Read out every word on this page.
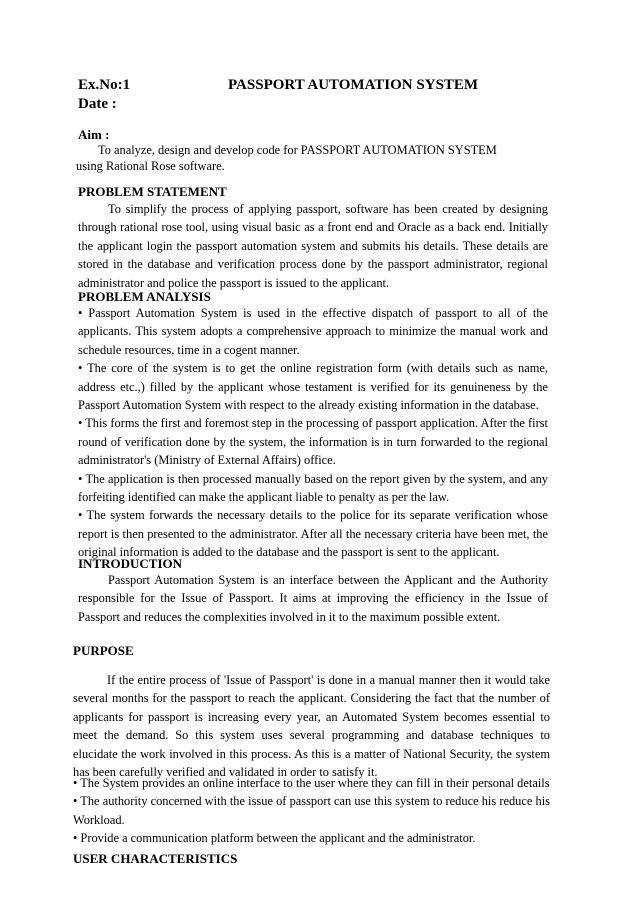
Ex.No:1	PASSPORT AUTOMATION SYSTEM
Date :
Aim :
To analyze, design and develop code for PASSPORT AUTOMATION SYSTEM
using Rational Rose software.
PROBLEM STATEMENT
To simplify the process of applying passport, software has been created by designing through rational rose tool, using visual basic as a front end and Oracle as a back end. Initially the applicant login the passport automation system and submits his details. These details are stored in the database and verification process done by the passport administrator, regional administrator and police the passport is issued to the applicant.
PROBLEM ANALYSIS

• Passport Automation System is used in the effective dispatch of passport to all of the applicants. This system adopts a comprehensive approach to minimize the manual work and schedule resources, time in a cogent manner.

• The core of the system is to get the online registration form (with details such as name, address etc.,) filled by the applicant whose testament is verified for its genuineness by the Passport Automation System with respect to the already existing information in the database.

• This forms the first and foremost step in the processing of passport application. After the first round of verification done by the system, the information is in turn forwarded to the regional administrator's (Ministry of External Affairs) office.

• The application is then processed manually based on the report given by the system, and any forfeiting identified can make the applicant liable to penalty as per the law.

• The system forwards the necessary details to the police for its separate verification whose report is then presented to the administrator. After all the necessary criteria have been met, the original information is added to the database and the passport is sent to the applicant.

INTRODUCTION
Passport Automation System is an interface between the Applicant and the Authority responsible for the Issue of Passport. It aims at improving the efficiency in the Issue of Passport and reduces the complexities involved in it to the maximum possible extent.
PURPOSE
If the entire process of 'Issue of Passport' is done in a manual manner then it would take several months for the passport to reach the applicant. Considering the fact that the number of applicants for passport is increasing every year, an Automated System becomes essential to meet the demand. So this system uses several programming and database techniques to elucidate the work involved in this process. As this is a matter of National Security, the system has been carefully verified and validated in order to satisfy it.

• The System provides an online interface to the user where they can fill in their personal details

• The authority concerned with the issue of passport can use this system to reduce his reduce his Workload.

• Provide a communication platform between the applicant and the administrator.

USER CHARACTERISTICS
